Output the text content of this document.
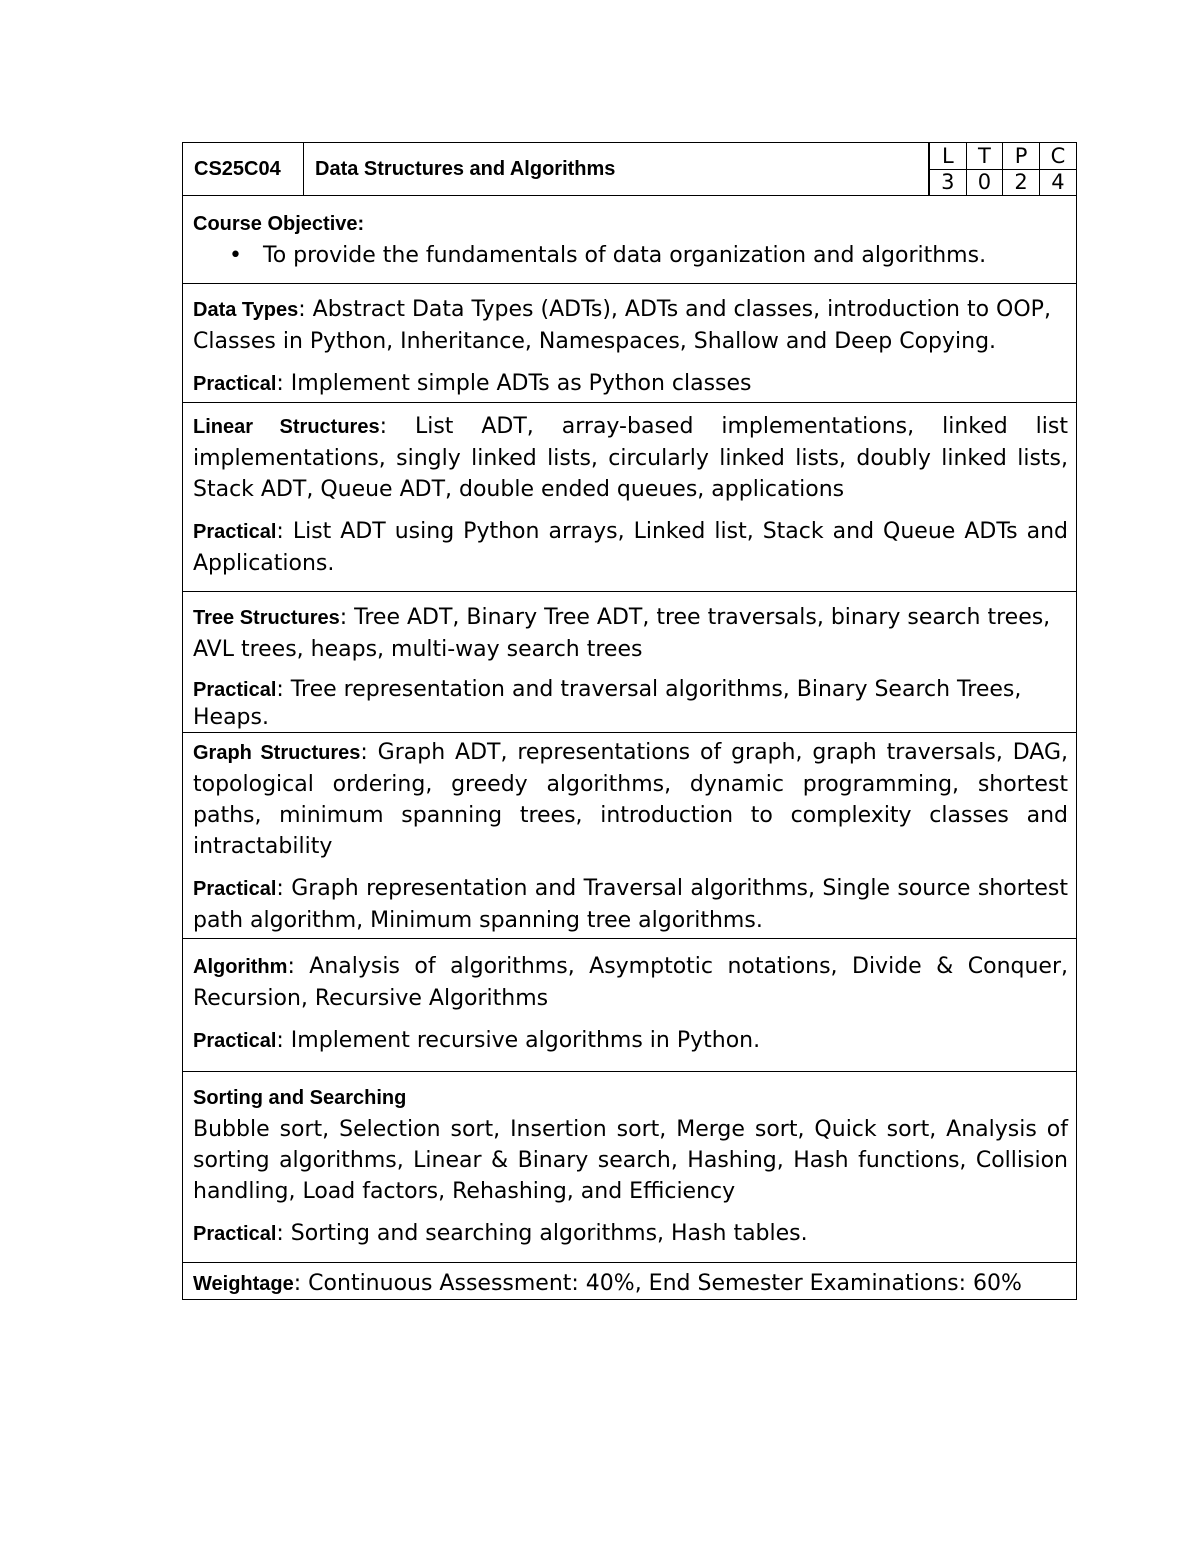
CS25C04	Data Structures and Algorithms	
L	T	P	C
3	0	2	4

Course Objective:

• To provide the fundamentals of data organization and algorithms.

Data Types: Abstract Data Types (ADTs), ADTs and classes, introduction to OOP, Classes in Python, Inheritance, Namespaces, Shallow and Deep Copying.

Practical: Implement simple ADTs as Python classes

Linear Structures: List ADT, array-based implementations, linked list implementations, singly linked lists, circularly linked lists, doubly linked lists, Stack ADT, Queue ADT, double ended queues, applications

Practical: List ADT using Python arrays, Linked list, Stack and Queue ADTs and Applications.

Tree Structures: Tree ADT, Binary Tree ADT, tree traversals, binary search trees, AVL trees, heaps, multi-way search trees

Practical: Tree representation and traversal algorithms, Binary Search Trees, Heaps.

Graph Structures: Graph ADT, representations of graph, graph traversals, DAG, topological ordering, greedy algorithms, dynamic programming, shortest paths, minimum spanning trees, introduction to complexity classes and intractability

Practical: Graph representation and Traversal algorithms, Single source shortest path algorithm, Minimum spanning tree algorithms.

Algorithm: Analysis of algorithms, Asymptotic notations, Divide & Conquer, Recursion, Recursive Algorithms

Practical: Implement recursive algorithms in Python.

Sorting and Searching

Bubble sort, Selection sort, Insertion sort, Merge sort, Quick sort, Analysis of sorting algorithms, Linear & Binary search, Hashing, Hash functions, Collision handling, Load factors, Rehashing, and Efficiency

Practical: Sorting and searching algorithms, Hash tables.

Weightage: Continuous Assessment: 40%, End Semester Examinations: 60%
